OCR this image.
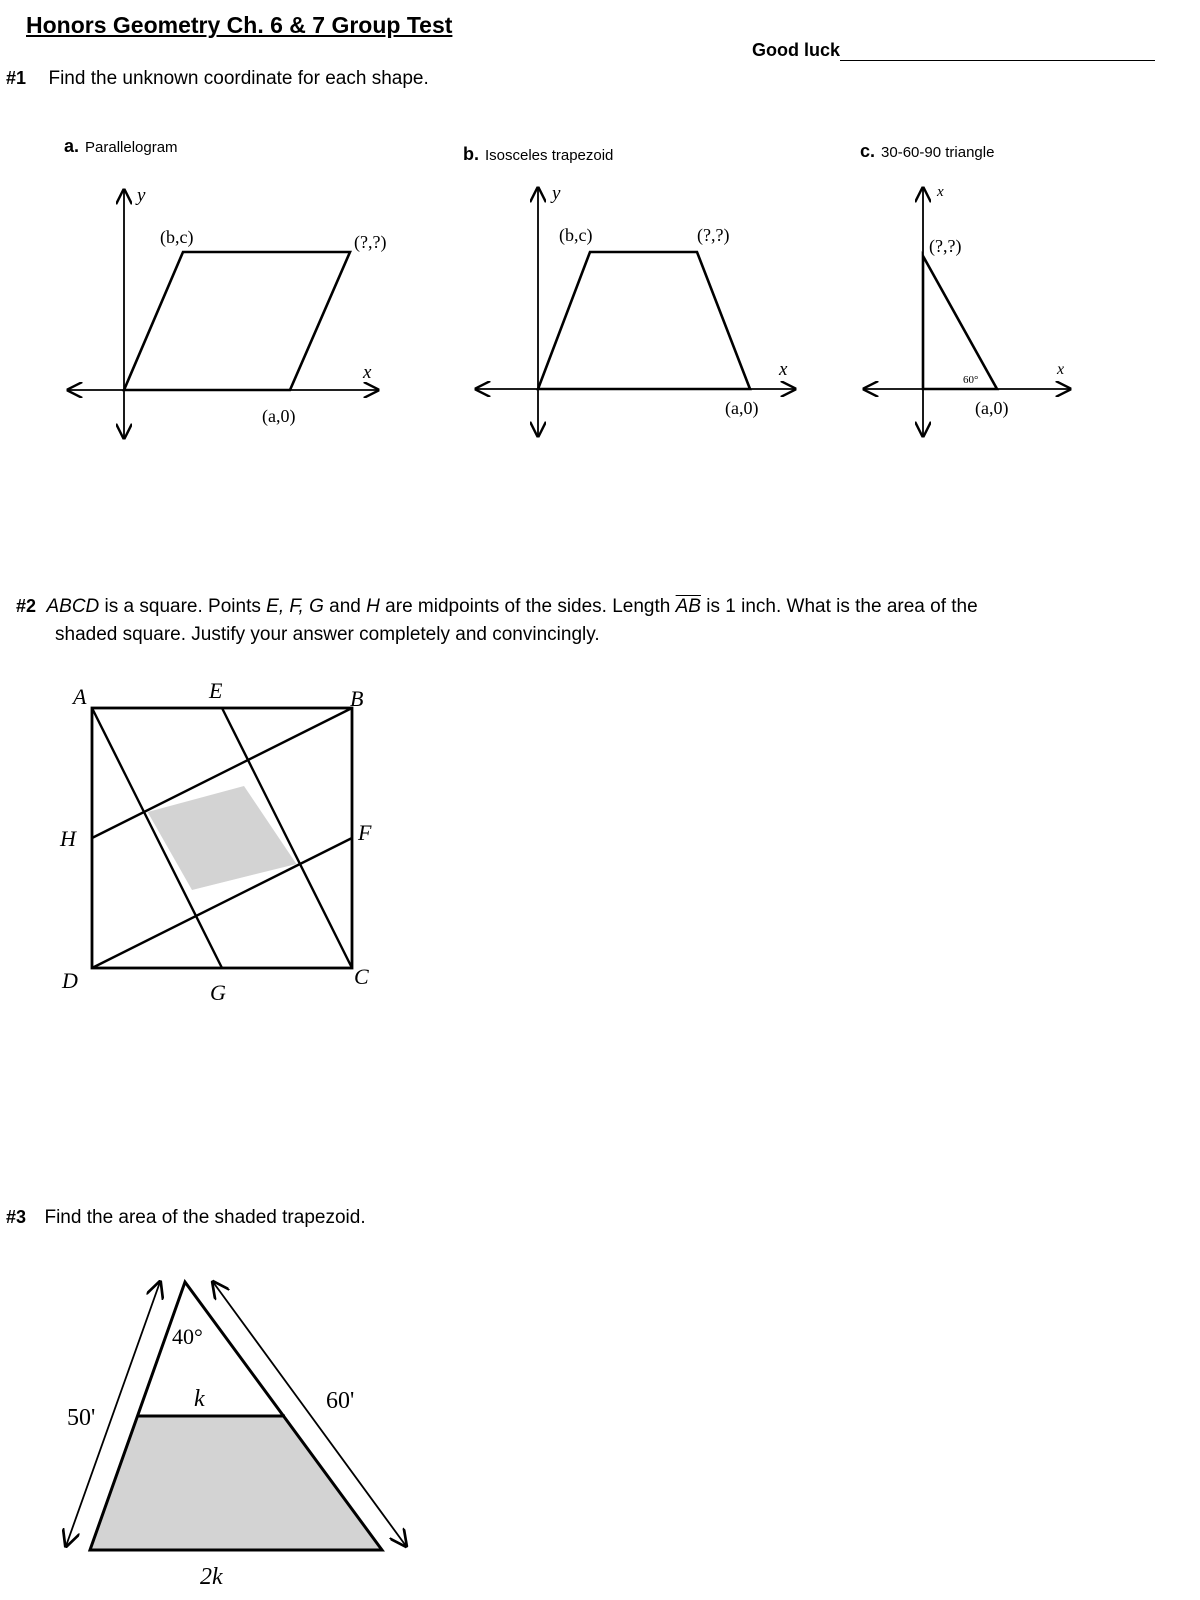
Honors Geometry Ch. 6 & 7 Group Test
Good luck
#1 Find the unknown coordinate for each shape.
a. Parallelogram	b. Isosceles trapezoid	c. 30-60-90 triangle
y
x
(b,c)	(?,?)
(a,0)
y
x
(b,c)	(?,?)
(a,0)
x
x
(?,?)
60°
(a,0)
#2 ABCD is a square. Points E, F, G and H are midpoints of the sides. Length $\overline{AB}$ is 1 inch. What is the area of the
shaded square. Justify your answer completely and convincingly.
A	E	B
H	F
D	G
C
#3 Find the area of the shaded trapezoid.
40°
k
50'
60'
2k
